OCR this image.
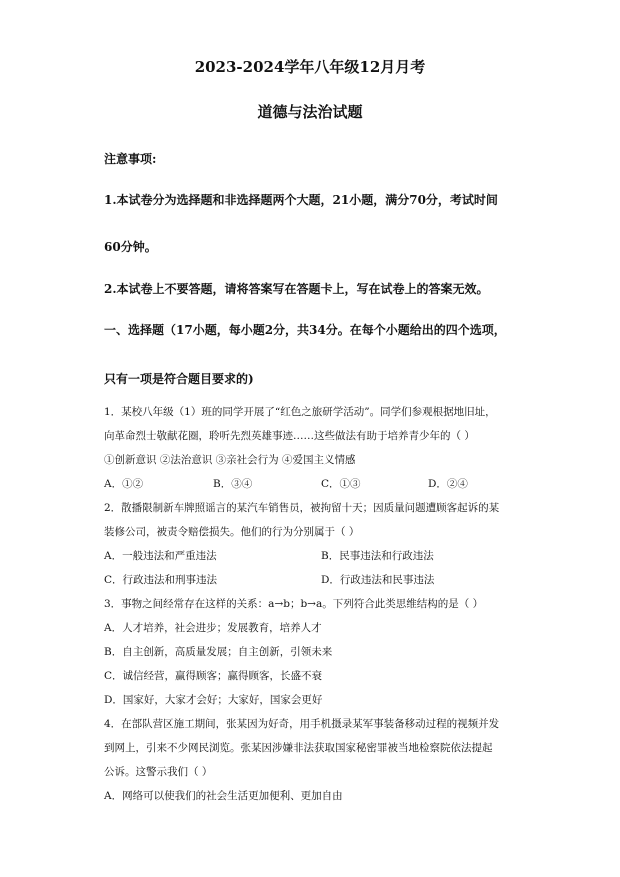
2023-2024学年八年级12月月考
道德与法治试题
注意事项:
1.本试卷分为选择题和非选择题两个大题，21小题，满分70分，考试时间
60分钟。
2.本试卷上不要答题，请将答案写在答题卡上，写在试卷上的答案无效。
一、选择题（17小题，每小题2分，共34分。在每个小题给出的四个选项，
只有一项是符合题目要求的)
1．某校八年级（1）班的同学开展了“红色之旅研学活动”。同学们参观根据地旧址，
向革命烈士敬献花圈，聆听先烈英雄事迹……这些做法有助于培养青少年的（ ）
①创新意识 ②法治意识 ③亲社会行为 ④爱国主义情感
A．①②	B．③④	C．①③	D．②④
2．散播限制新车牌照谣言的某汽车销售员，被拘留十天；因质量问题遭顾客起诉的某
装修公司，被责令赔偿损失。他们的行为分别属于（ ）
A．一般违法和严重违法	B．民事违法和行政违法
C．行政违法和刑事违法	D．行政违法和民事违法
3．事物之间经常存在这样的关系：a→b；b→a。下列符合此类思维结构的是（ ）
A．人才培养，社会进步；发展教育，培养人才
B．自主创新，高质量发展；自主创新，引领未来
C．诚信经营，赢得顾客；赢得顾客，长盛不衰
D．国家好，大家才会好；大家好，国家会更好
4．在部队营区施工期间，张某因为好奇，用手机摄录某军事装备移动过程的视频并发
到网上，引来不少网民浏览。张某因涉嫌非法获取国家秘密罪被当地检察院依法提起
公诉。这警示我们（ ）
A．网络可以使我们的社会生活更加便利、更加自由
